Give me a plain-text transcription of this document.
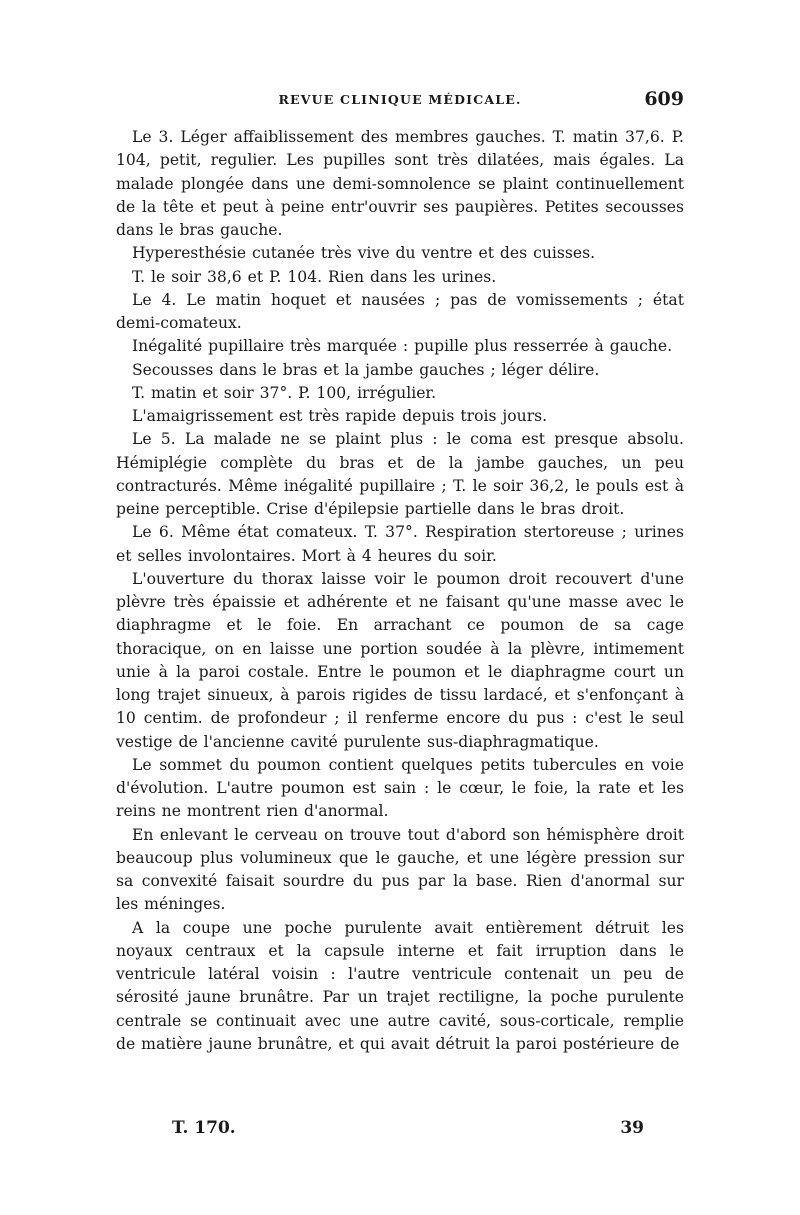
REVUE CLINIQUE MÉDICALE.	609

Le 3. Léger affaiblissement des membres gauches. T. matin 37,6. P. 104, petit, regulier. Les pupilles sont très dilatées, mais égales. La malade plongée dans une demi-somnolence se plaint continuellement de la tête et peut à peine entr'ouvrir ses paupières. Petites secousses dans le bras gauche.

Hyperesthésie cutanée très vive du ventre et des cuisses.

T. le soir 38,6 et P. 104. Rien dans les urines.

Le 4. Le matin hoquet et nausées ; pas de vomissements ; état demi-comateux.

Inégalité pupillaire très marquée : pupille plus resserrée à gauche.

Secousses dans le bras et la jambe gauches ; léger délire.

T. matin et soir 37°. P. 100, irrégulier.

L'amaigrissement est très rapide depuis trois jours.

Le 5. La malade ne se plaint plus : le coma est presque absolu. Hémiplégie complète du bras et de la jambe gauches, un peu contracturés. Même inégalité pupillaire ; T. le soir 36,2, le pouls est à peine perceptible. Crise d'épilepsie partielle dans le bras droit.

Le 6. Même état comateux. T. 37°. Respiration stertoreuse ; urines et selles involontaires. Mort à 4 heures du soir.

L'ouverture du thorax laisse voir le poumon droit recouvert d'une plèvre très épaissie et adhérente et ne faisant qu'une masse avec le diaphragme et le foie. En arrachant ce poumon de sa cage thoracique, on en laisse une portion soudée à la plèvre, intimement unie à la paroi costale. Entre le poumon et le diaphragme court un long trajet sinueux, à parois rigides de tissu lardacé, et s'enfonçant à 10 centim. de profondeur ; il renferme encore du pus : c'est le seul vestige de l'ancienne cavité purulente sus-diaphragmatique.

Le sommet du poumon contient quelques petits tubercules en voie d'évolution. L'autre poumon est sain : le cœur, le foie, la rate et les reins ne montrent rien d'anormal.

En enlevant le cerveau on trouve tout d'abord son hémisphère droit beaucoup plus volumineux que le gauche, et une légère pression sur sa convexité faisait sourdre du pus par la base. Rien d'anormal sur les méninges.

A la coupe une poche purulente avait entièrement détruit les noyaux centraux et la capsule interne et fait irruption dans le ventricule latéral voisin : l'autre ventricule contenait un peu de sérosité jaune brunâtre. Par un trajet rectiligne, la poche purulente centrale se continuait avec une autre cavité, sous-corticale, remplie de matière jaune brunâtre, et qui avait détruit la paroi postérieure de

T. 170.	39
